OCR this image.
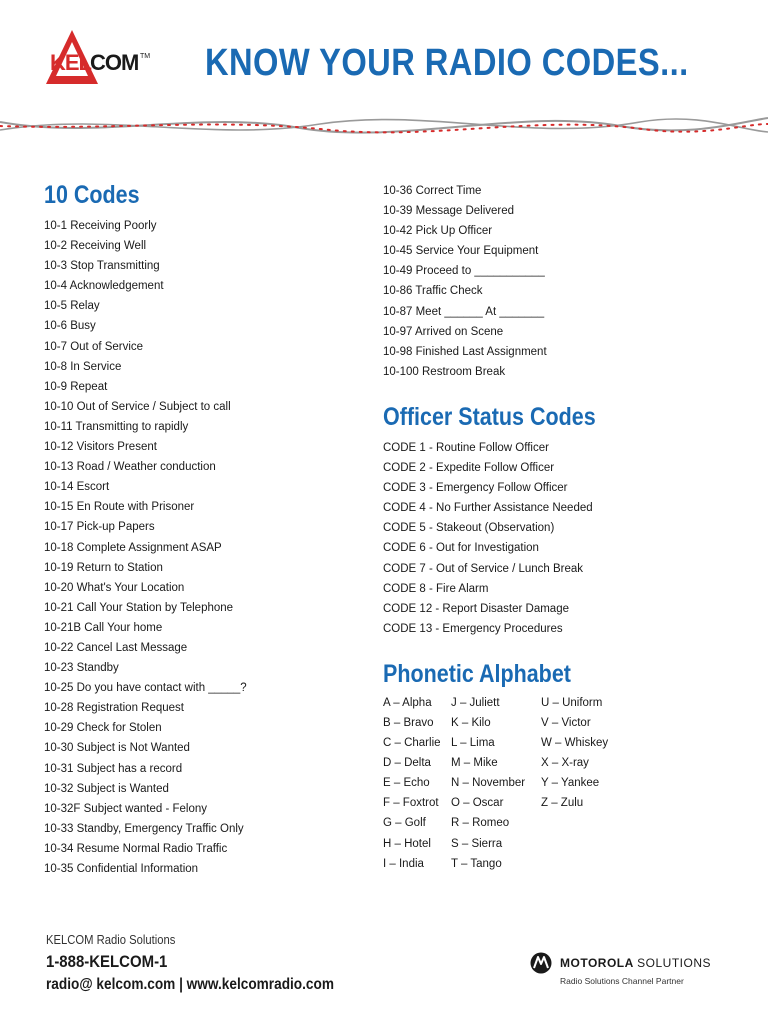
KEL COM TM KNOW YOUR RADIO CODES...
10 Codes
10-1 Receiving Poorly
10-2 Receiving Well
10-3 Stop Transmitting
10-4 Acknowledgement
10-5 Relay
10-6 Busy
10-7 Out of Service
10-8 In Service
10-9 Repeat
10-10 Out of Service / Subject to call
10-11 Transmitting to rapidly
10-12 Visitors Present
10-13 Road / Weather conduction
10-14 Escort
10-15 En Route with Prisoner
10-17 Pick-up Papers
10-18 Complete Assignment ASAP
10-19 Return to Station
10-20 What's Your Location
10-21 Call Your Station by Telephone
10-21B Call Your home
10-22 Cancel Last Message
10-23 Standby
10-25 Do you have contact with _____?
10-28 Registration Request
10-29 Check for Stolen
10-30 Subject is Not Wanted
10-31 Subject has a record
10-32 Subject is Wanted
10-32F Subject wanted - Felony
10-33 Standby, Emergency Traffic Only
10-34 Resume Normal Radio Traffic
10-35 Confidential Information
10-36 Correct Time
10-39 Message Delivered
10-42 Pick Up Officer
10-45 Service Your Equipment
10-49 Proceed to ___________
10-86 Traffic Check
10-87 Meet ______ At _______
10-97 Arrived on Scene
10-98 Finished Last Assignment
10-100 Restroom Break
Officer Status Codes
CODE 1 - Routine Follow Officer
CODE 2 - Expedite Follow Officer
CODE 3 - Emergency Follow Officer
CODE 4 - No Further Assistance Needed
CODE 5 - Stakeout (Observation)
CODE 6 - Out for Investigation
CODE 7 - Out of Service / Lunch Break
CODE 8 - Fire Alarm
CODE 12 - Report Disaster Damage
CODE 13 - Emergency Procedures
Phonetic Alphabet
A – Alpha
B – Bravo
C – Charlie
D – Delta
E – Echo
F – Foxtrot
G – Golf
H – Hotel
I – India
J – Juliett
K – Kilo
L – Lima
M – Mike
N – November
O – Oscar
R – Romeo
S – Sierra
T – Tango
U – Uniform
V – Victor
W – Whiskey
X – X-ray
Y – Yankee
Z – Zulu

KELCOM Radio Solutions

1-888-KELCOM-1

radio@ kelcom.com | www.kelcomradio.com

MOTOROLA SOLUTIONS
Radio Solutions Channel Partner
